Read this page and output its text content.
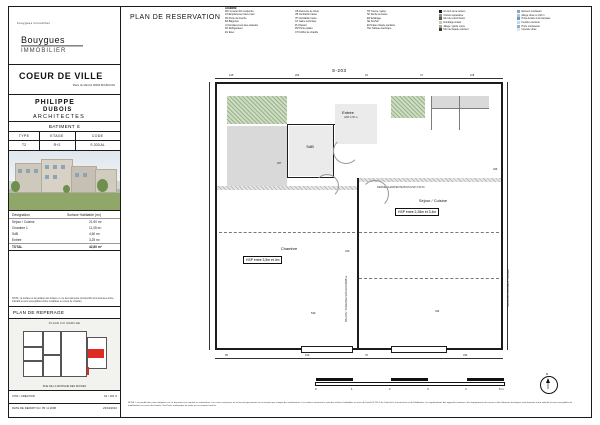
bouygues immobilier
Bouygues
IMMOBILIER
COEUR DE VILLE
Place du Marché 38300 BOURGOIN
PHILIPPE
DUBOIS
ARCHITECTES
BATIMENT S
TYPE	ETAGE	CODE
T2	R+2	S 203 AL
Désignation	Surface Habitable (m²)
Séjour / Cuisine	21,90 m²
Chambre 1	11,05 m²
SdB	4,60 m²
Entrée	3,25 m²
TOTAL	42,80 m²
NOTA : la surface et la position des locaux et / ou des éléments constructifs sont données à titre indicatif et sont susceptibles d'être modifiées en cours de chantier.
PLAN DE REPERAGE
PLACE DU MARCHE
RUE DE LA MONNAIE DES MOINES
CITE / CREATION	S1 / 201 S
DATE DE DEPART 04 / 05 / A 2008	23/04/2010
PLAN DE RESERVATION
LEGENDE
WC Cuvette WC suspendu
LM Emplacement lave-main
PD Porte de douche
BA Baignoire
LV Emplacement lave-vaisselle
RF Réfrigérateur
EV Evier
CB Descente de chute
VB Ventilation basse
VH Ventilation haute
GT Gaine technique
PL Placard
PM Porte palière
CH Coffret de chauffe
TR Trémie / gaine
SF Sèche-serviette
ER Eclairage
SE Séchoir
ECS Eau chaude sanitaire
TEL Tableau électrique
Nu brut de la cloison
Cloison séparative
Mur de refend béton
Doublage isolant
Allège / garde corps
Mur de façade extérieur
Elément coulissant
Allège vitrée à 1,00 m
Porte-fenêtre à la française
Fenêtre ouvrante
Porte coulissante
Imposte vitrée
S-203
Entrée
HSP 2,50 m
SdB
Séjour / Cuisine
HSP entre 2,28m et 3,4m
Chambre
HSP entre 3,5m et 4m
FERME CHARPENTE BOIS HSP 2,50 M
BALCON / TERRASSE NON ACCESSIBLE	LIMITE DE PROPRIETE / FACADE
125	204	91	72	118
267
496
340
539
334
95	100	70	334
0	1	2	3	4	5 m
N
NOTA : L'ensemble des cotes indiquées sur ce document est exprimé en centimètres. Les cotes sont prises au nu brut du gros-œuvre et ne tiennent pas compte des revêtements. Les surfaces annoncées sont des surfaces habitables au sens de l'article R.111-2 du Code de la Construction et de l'Habitation. Les implantations des appareils sanitaires, des équipements de cuisine et des éléments techniques sont données à titre indicatif et sont susceptibles de modifications en cours de chantier. Seul l'acte authentique de vente et ses annexes font foi.
